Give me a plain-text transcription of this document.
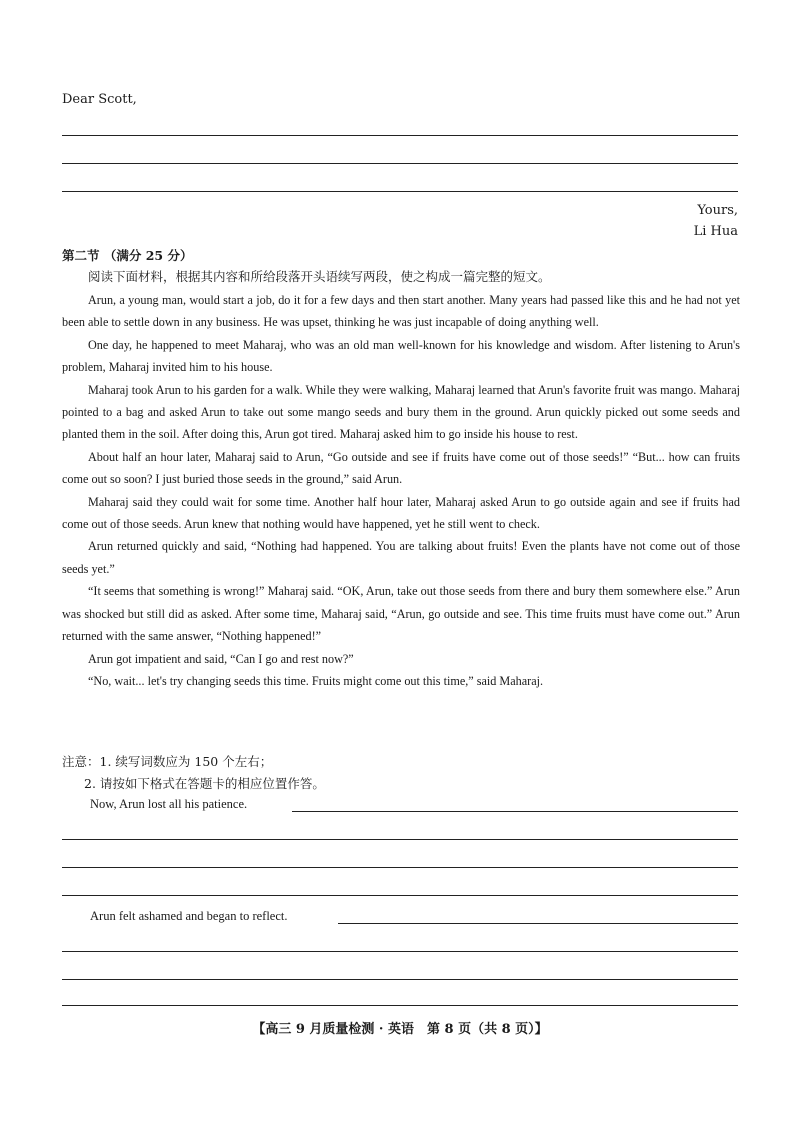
Dear Scott,
Yours,
Li Hua
第二节 （满分 25 分）
阅读下面材料，根据其内容和所给段落开头语续写两段，使之构成一篇完整的短文。

Arun, a young man, would start a job, do it for a few days and then start another. Many years had passed like this and he had not yet been able to settle down in any business. He was upset, thinking he was just incapable of doing anything well.

One day, he happened to meet Maharaj, who was an old man well-known for his knowledge and wisdom. After listening to Arun's problem, Maharaj invited him to his house.

Maharaj took Arun to his garden for a walk. While they were walking, Maharaj learned that Arun's favorite fruit was mango. Maharaj pointed to a bag and asked Arun to take out some mango seeds and bury them in the ground. Arun quickly picked out some seeds and planted them in the soil. After doing this, Arun got tired. Maharaj asked him to go inside his house to rest.

About half an hour later, Maharaj said to Arun, “Go outside and see if fruits have come out of those seeds!” “But... how can fruits come out so soon? I just buried those seeds in the ground,” said Arun.

Maharaj said they could wait for some time. Another half hour later, Maharaj asked Arun to go outside again and see if fruits had come out of those seeds. Arun knew that nothing would have happened, yet he still went to check.

Arun returned quickly and said, “Nothing had happened. You are talking about fruits! Even the plants have not come out of those seeds yet.”

“It seems that something is wrong!” Maharaj said. “OK, Arun, take out those seeds from there and bury them somewhere else.” Arun was shocked but still did as asked. After some time, Maharaj said, “Arun, go outside and see. This time fruits must have come out.” Arun returned with the same answer, “Nothing happened!”

Arun got impatient and said, “Can I go and rest now?”

“No, wait... let's try changing seeds this time. Fruits might come out this time,” said Maharaj.

注意：1. 续写词数应为 150 个左右；
2. 请按如下格式在答题卡的相应位置作答。
Now, Arun lost all his patience.
Arun felt ashamed and began to reflect.
【高三 9 月质量检测 · 英语　第 8 页（共 8 页）】
